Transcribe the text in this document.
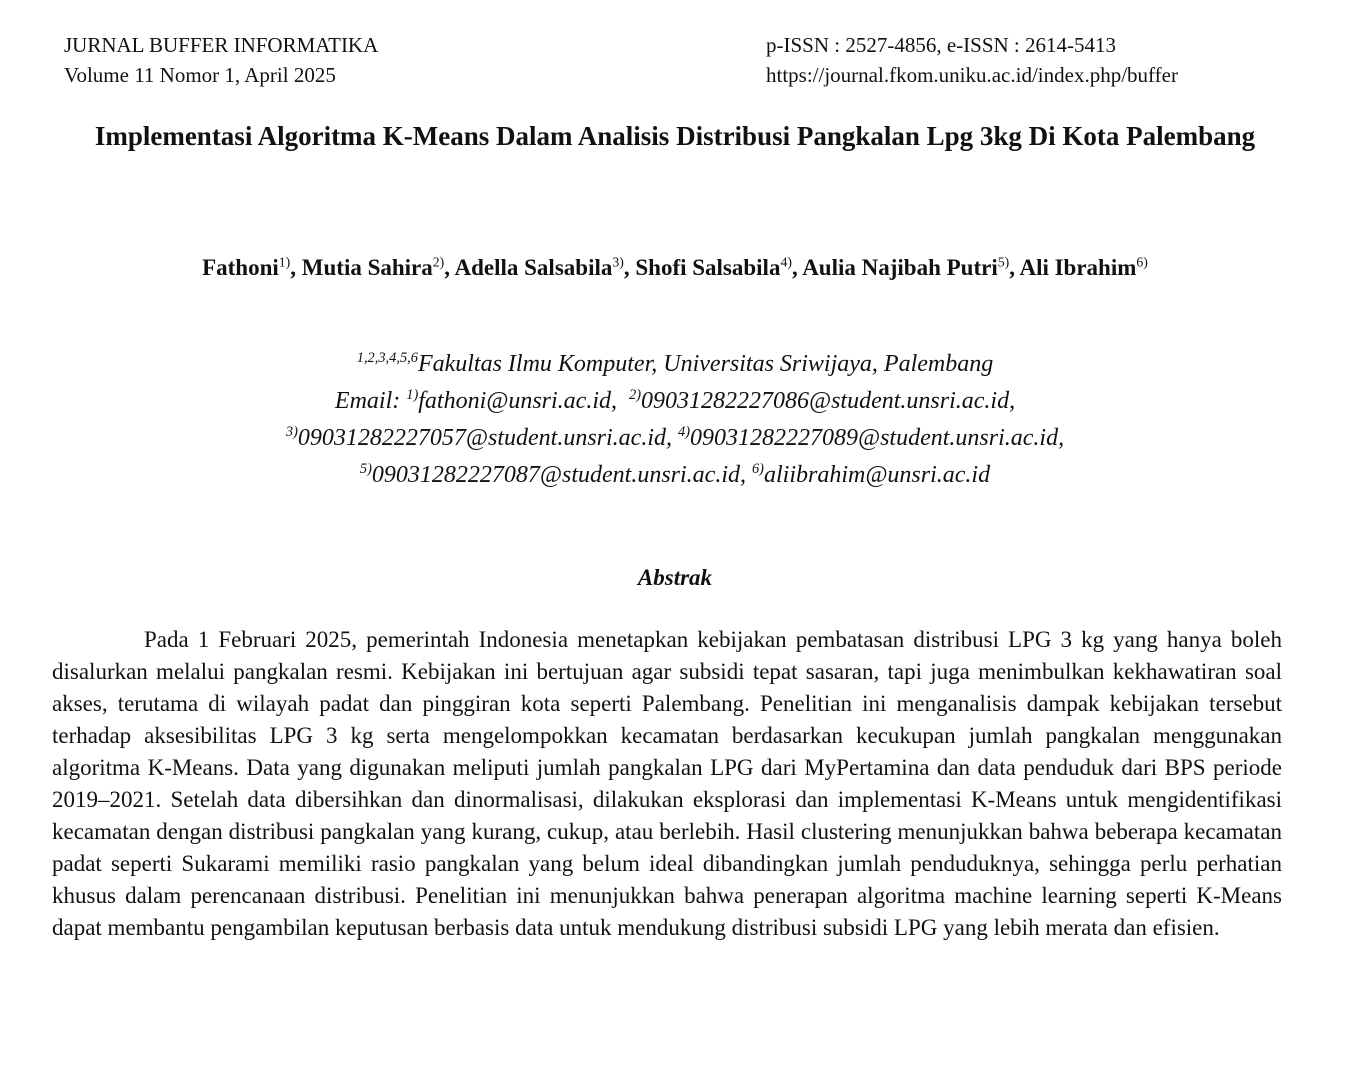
JURNAL BUFFER INFORMATIKA
Volume 11 Nomor 1, April 2025
p-ISSN : 2527-4856, e-ISSN : 2614-5413
https://journal.fkom.uniku.ac.id/index.php/buffer
Implementasi Algoritma K-Means Dalam Analisis Distribusi Pangkalan Lpg 3kg Di Kota Palembang
Fathoni$^{1)}$, Mutia Sahira$^{2)}$, Adella Salsabila$^{3)}$, Shofi Salsabila$^{4)}$, Aulia Najibah Putri$^{5)}$, Ali Ibrahim$^{6)}$
$^{1,2,3,4,5,6}$Fakultas Ilmu Komputer, Universitas Sriwijaya, Palembang
Email: $^{1)}$fathoni@unsri.ac.id, $^{2)}$09031282227086@student.unsri.ac.id,
$^{3)}$09031282227057@student.unsri.ac.id, $^{4)}$09031282227089@student.unsri.ac.id,
$^{5)}$09031282227087@student.unsri.ac.id, $^{6)}$aliibrahim@unsri.ac.id
Abstrak

Pada 1 Februari 2025, pemerintah Indonesia menetapkan kebijakan pembatasan distribusi LPG 3 kg yang hanya boleh disalurkan melalui pangkalan resmi. Kebijakan ini bertujuan agar subsidi tepat sasaran, tapi juga menimbulkan kekhawatiran soal akses, terutama di wilayah padat dan pinggiran kota seperti Palembang. Penelitian ini menganalisis dampak kebijakan tersebut terhadap aksesibilitas LPG 3 kg serta mengelompokkan kecamatan berdasarkan kecukupan jumlah pangkalan menggunakan algoritma K-Means. Data yang digunakan meliputi jumlah pangkalan LPG dari MyPertamina dan data penduduk dari BPS periode 2019–2021. Setelah data dibersihkan dan dinormalisasi, dilakukan eksplorasi dan implementasi K-Means untuk mengidentifikasi kecamatan dengan distribusi pangkalan yang kurang, cukup, atau berlebih. Hasil clustering menunjukkan bahwa beberapa kecamatan padat seperti Sukarami memiliki rasio pangkalan yang belum ideal dibandingkan jumlah penduduknya, sehingga perlu perhatian khusus dalam perencanaan distribusi. Penelitian ini menunjukkan bahwa penerapan algoritma machine learning seperti K-Means dapat membantu pengambilan keputusan berbasis data untuk mendukung distribusi subsidi LPG yang lebih merata dan efisien.
